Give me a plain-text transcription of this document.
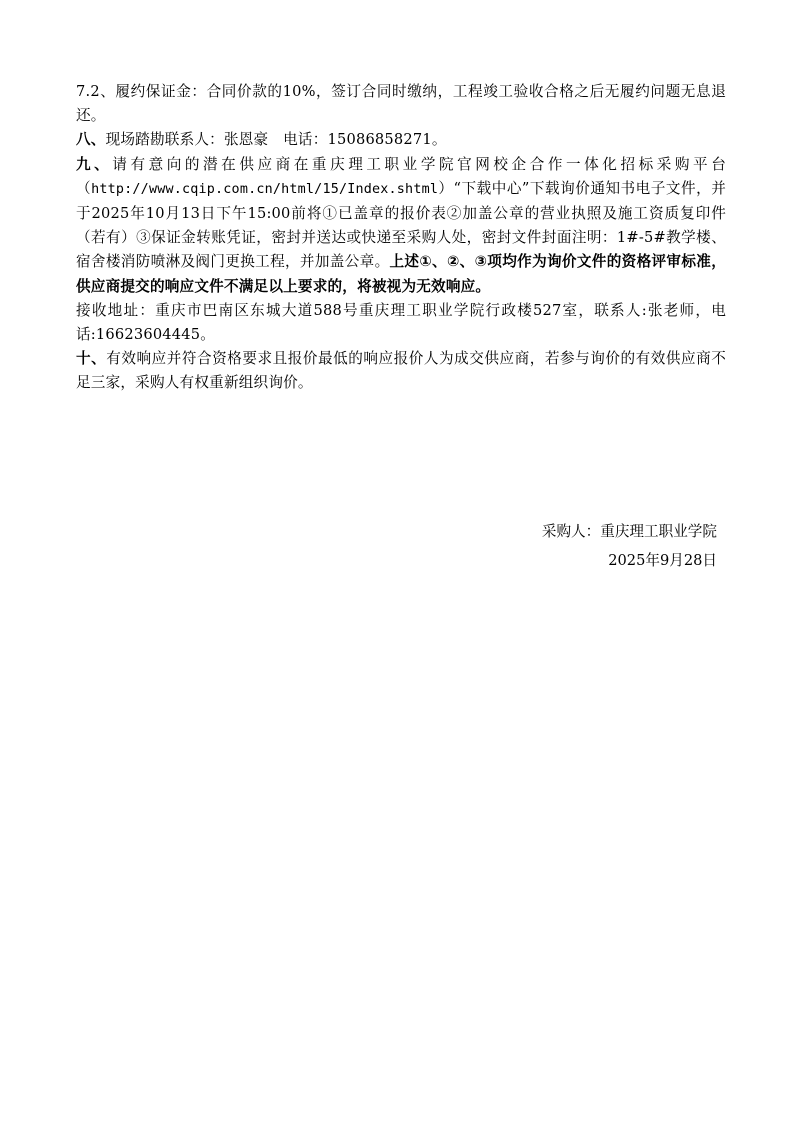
7.2、履约保证金：合同价款的10%，签订合同时缴纳，工程竣工验收合格之后无履约问题无息退还。

八、现场踏勘联系人：张恩豪　电话：15086858271。

九、请有意向的潜在供应商在重庆理工职业学院官网校企合作一体化招标采购平台（http://www.cqip.com.cn/html/15/Index.shtml）“下载中心”下载询价通知书电子文件，并于2025年10月13日下午15:00前将①已盖章的报价表②加盖公章的营业执照及施工资质复印件（若有）③保证金转账凭证，密封并送达或快递至采购人处，密封文件封面注明：1#-5#教学楼、宿舍楼消防喷淋及阀门更换工程，并加盖公章。上述①、②、③项均作为询价文件的资格评审标准，供应商提交的响应文件不满足以上要求的，将被视为无效响应。

接收地址：重庆市巴南区东城大道588号重庆理工职业学院行政楼527室，联系人:张老师，电话:16623604445。

十、有效响应并符合资格要求且报价最低的响应报价人为成交供应商，若参与询价的有效供应商不足三家，采购人有权重新组织询价。

采购人：重庆理工职业学院
2025年9月28日
